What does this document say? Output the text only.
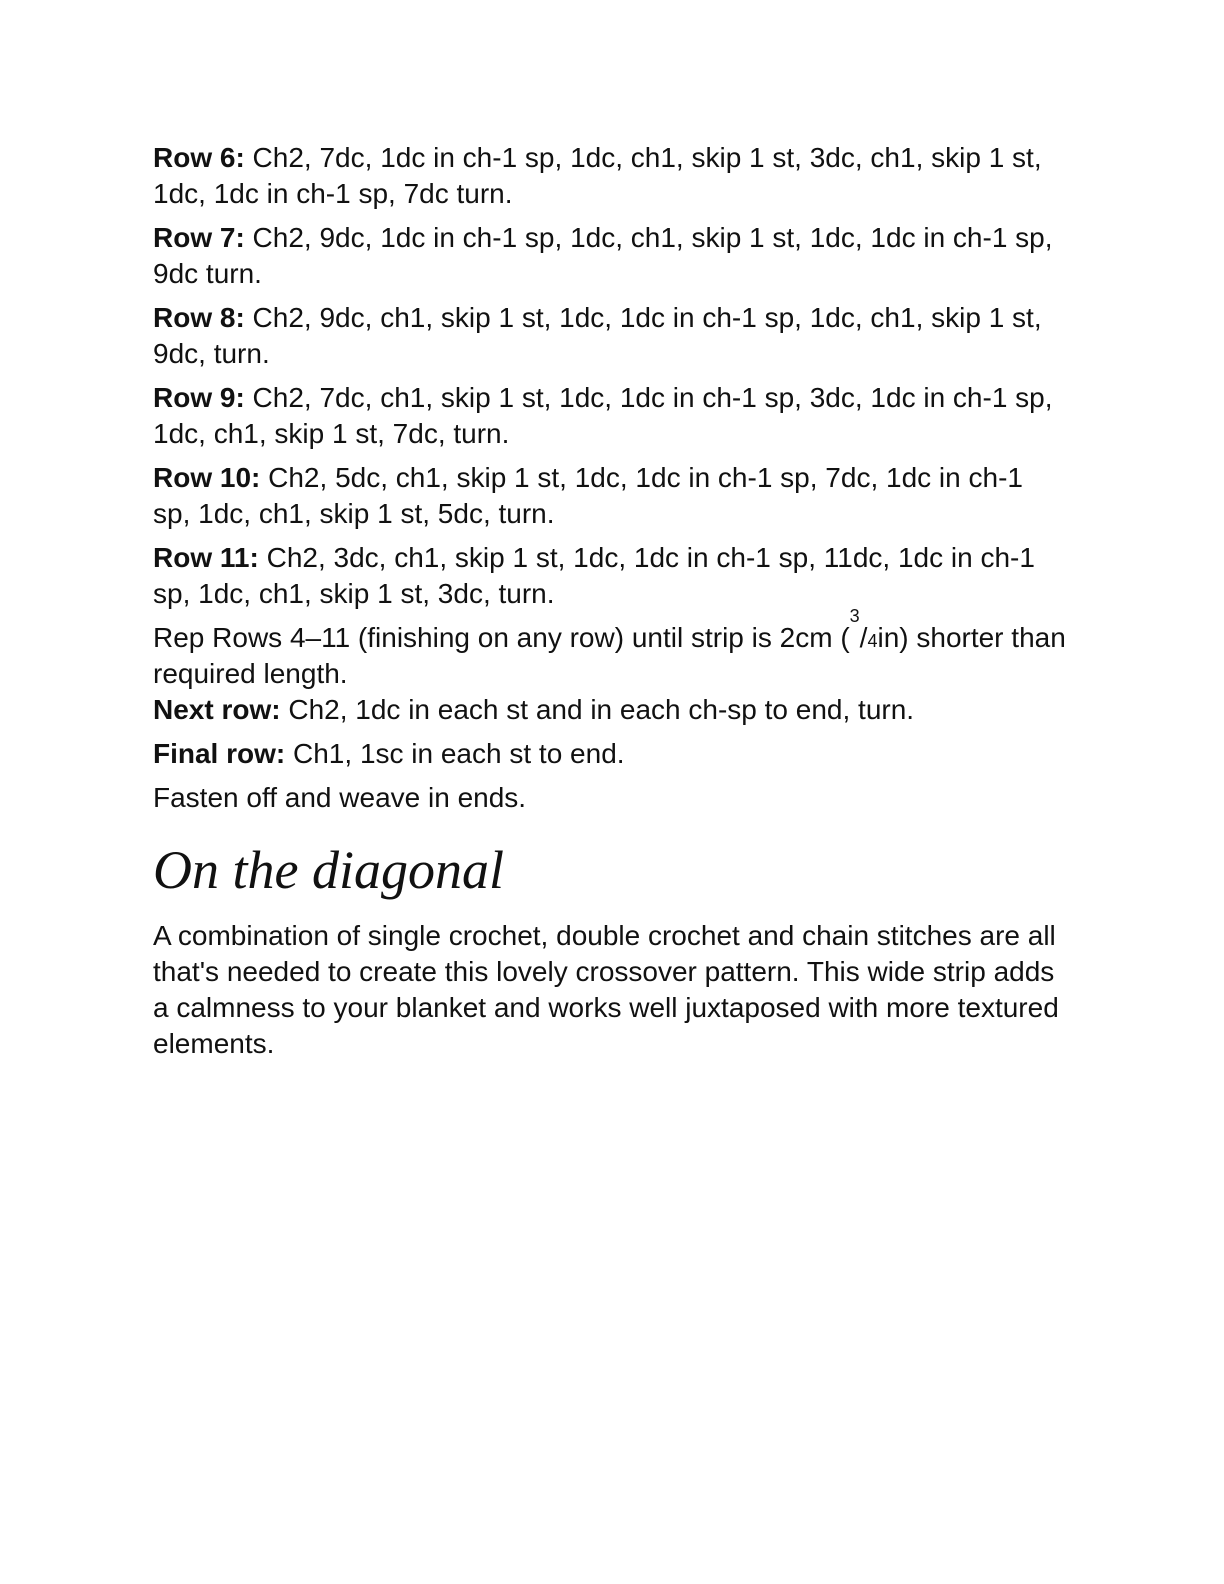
Row 6: Ch2, 7dc, 1dc in ch-1 sp, 1dc, ch1, skip 1 st, 3dc, ch1, skip 1 st, 1dc, 1dc in ch-1 sp, 7dc turn.

Row 7: Ch2, 9dc, 1dc in ch-1 sp, 1dc, ch1, skip 1 st, 1dc, 1dc in ch-1 sp, 9dc turn.

Row 8: Ch2, 9dc, ch1, skip 1 st, 1dc, 1dc in ch-1 sp, 1dc, ch1, skip 1 st, 9dc, turn.

Row 9: Ch2, 7dc, ch1, skip 1 st, 1dc, 1dc in ch-1 sp, 3dc, 1dc in ch-1 sp, 1dc, ch1, skip 1 st, 7dc, turn.

Row 10: Ch2, 5dc, ch1, skip 1 st, 1dc, 1dc in ch-1 sp, 7dc, 1dc in ch-1 sp, 1dc, ch1, skip 1 st, 5dc, turn.

Row 11: Ch2, 3dc, ch1, skip 1 st, 1dc, 1dc in ch-1 sp, 11dc, 1dc in ch-1 sp, 1dc, ch1, skip 1 st, 3dc, turn.

Rep Rows 4–11 (finishing on any row) until strip is 2cm ($^3$/4in) shorter than required length.

Next row: Ch2, 1dc in each st and in each ch-sp to end, turn.

Final row: Ch1, 1sc in each st to end.

Fasten off and weave in ends.

On the diagonal

A combination of single crochet, double crochet and chain stitches are all that's needed to create this lovely crossover pattern. This wide strip adds a calmness to your blanket and works well juxtaposed with more textured elements.
